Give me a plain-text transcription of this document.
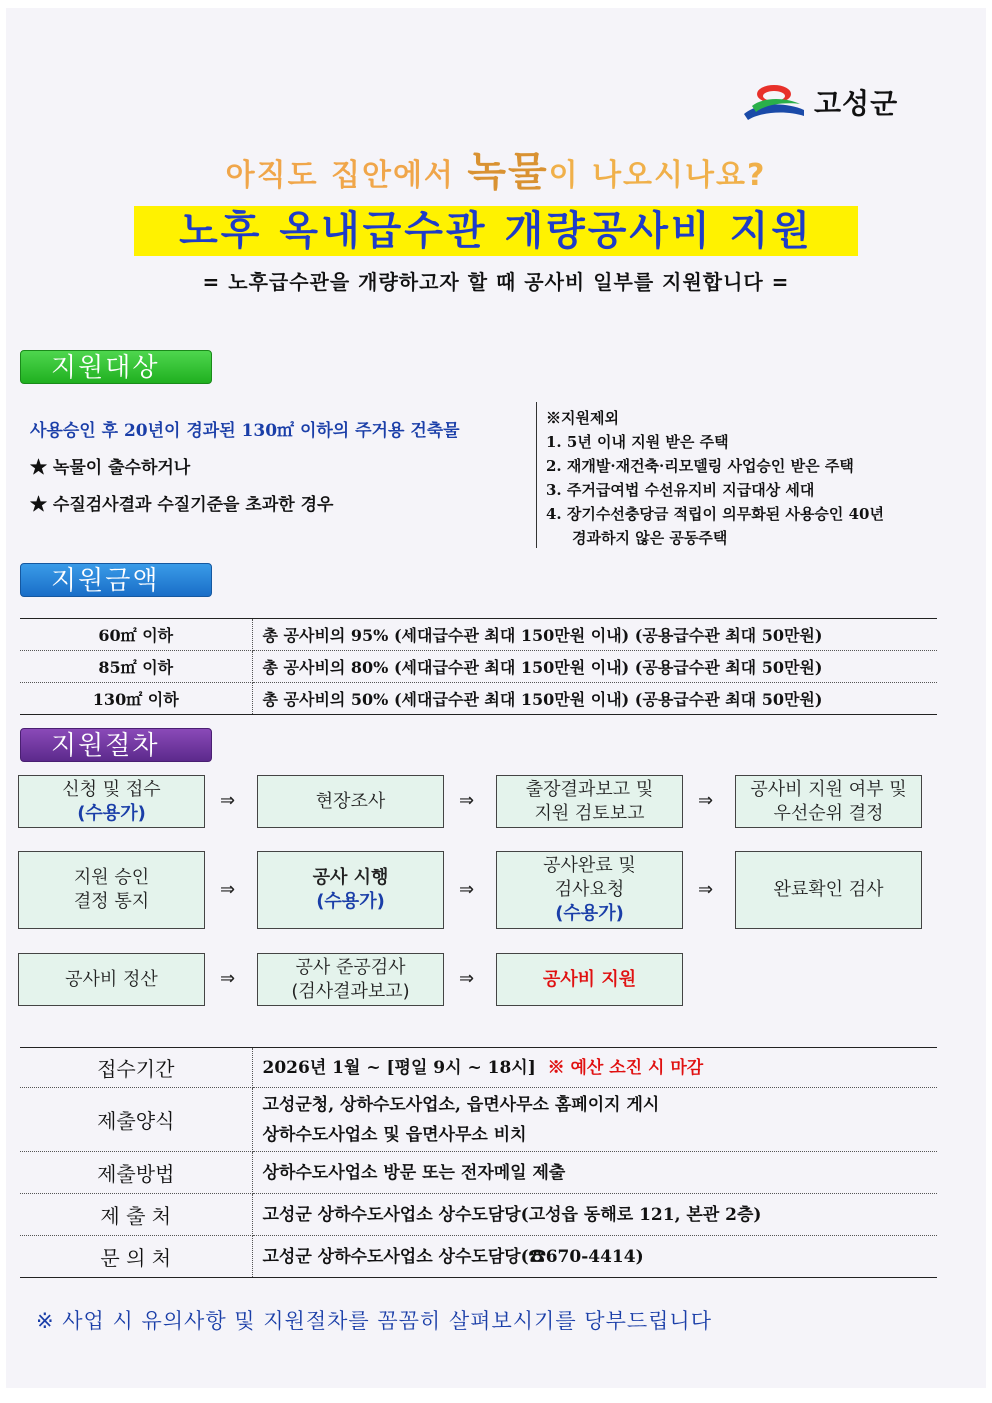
고성군
아직도 집안에서 녹물이 나오시나요?
노후 옥내급수관 개량공사비 지원
= 노후급수관을 개량하고자 할 때 공사비 일부를 지원합니다 =
지원대상
사용승인 후 20년이 경과된 130㎡ 이하의 주거용 건축물
★ 녹물이 출수하거나
★ 수질검사결과 수질기준을 초과한 경우
※지원제외
1. 5년 이내 지원 받은 주택
2. 재개발·재건축·리모델링 사업승인 받은 주택
3. 주거급여법 수선유지비 지급대상 세대
4. 장기수선충당금 적립이 의무화된 사용승인 40년
경과하지 않은 공동주택
지원금액
60㎡ 이하	총 공사비의 95% (세대급수관 최대 150만원 이내) (공용급수관 최대 50만원)
85㎡ 이하	총 공사비의 80% (세대급수관 최대 150만원 이내) (공용급수관 최대 50만원)
130㎡ 이하	총 공사비의 50% (세대급수관 최대 150만원 이내) (공용급수관 최대 50만원)
지원절차
신청 및 접수
(수용가)
⇒	현장조사	⇒
출장결과보고 및
지원 검토보고
⇒
공사비 지원 여부 및
우선순위 결정
지원 승인
결정 통지
⇒
공사 시행
(수용가)
⇒
공사완료 및
검사요청
(수용가)
⇒	완료확인 검사
공사비 정산	⇒
공사 준공검사
(검사결과보고)
⇒	공사비 지원
접수기간	2026년 1월 ~ [평일 9시 ~ 18시] ※ 예산 소진 시 마감
제출양식	고성군청, 상하수도사업소, 읍면사무소 홈페이지 게시
상하수도사업소 및 읍면사무소 비치

제출방법	상하수도사업소 방문 또는 전자메일 제출
제 출 처	고성군 상하수도사업소 상수도담당(고성읍 동해로 121, 본관 2층)
문 의 처	고성군 상하수도사업소 상수도담당(☎670-4414)
※ 사업 시 유의사항 및 지원절차를 꼼꼼히 살펴보시기를 당부드립니다
